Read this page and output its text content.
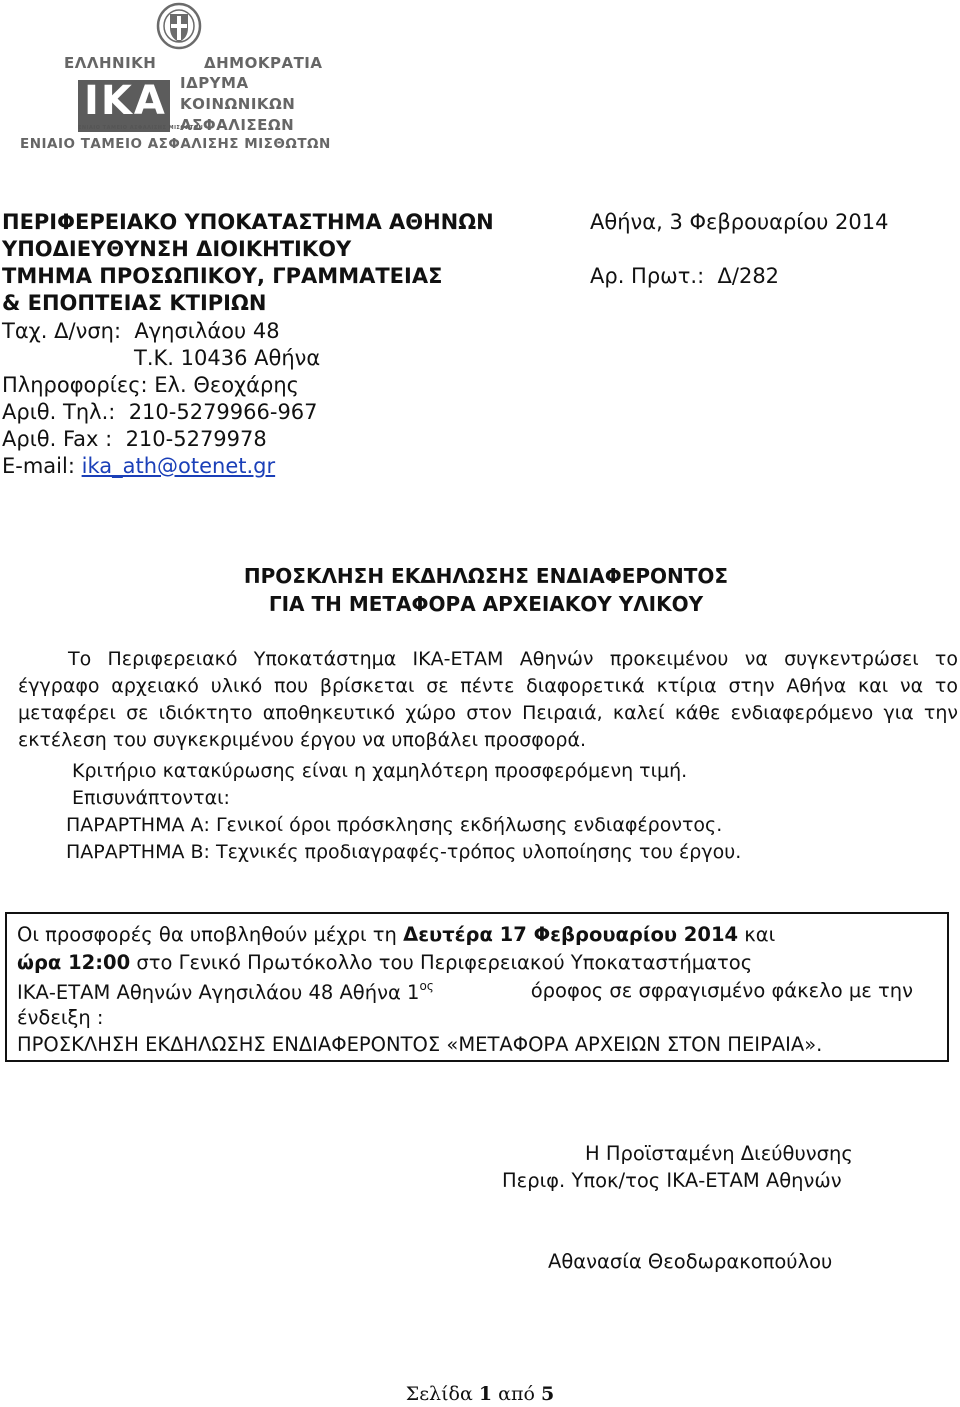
ΕΛΛΗΝΙΚΗ	ΔΗΜΟΚΡΑΤΙΑ
ΙΚΑ
ΕΝΙΑΙΟ ΤΑΜΕΙΟ ΑΣΦΑΛΙΣΗΣ ΜΙΣΘΩΤΩΝ
ΙΔΡΥΜΑ
ΚΟΙΝΩΝΙΚΩΝ
ΑΣΦΑΛΙΣΕΩΝ
ΕΝΙΑΙΟ ΤΑΜΕΙΟ ΑΣΦΑΛΙΣΗΣ ΜΙΣΘΩΤΩΝ
ΠΕΡΙΦΕΡΕΙΑΚΟ ΥΠΟΚΑΤΑΣΤΗΜΑ ΑΘΗΝΩΝ
ΥΠΟΔΙΕΥΘΥΝΣΗ ΔΙΟΙΚΗΤΙΚΟΥ
ΤΜΗΜΑ ΠΡΟΣΩΠΙΚΟΥ, ΓΡΑΜΜΑΤΕΙΑΣ
& ΕΠΟΠΤΕΙΑΣ ΚΤΙΡΙΩΝ
Ταχ. Δ/νση: Αγησιλάου 48
Τ.Κ. 10436 Αθήνα
Πληροφορίες: Ελ. Θεοχάρης
Αριθ. Τηλ.: 210-5279966-967
Αριθ. Fax : 210-5279978
E-mail: ika_ath@otenet.gr
Αθήνα, 3 Φεβρουαρίου 2014
Αρ. Πρωτ.: Δ/282
ΠΡΟΣΚΛΗΣΗ ΕΚΔΗΛΩΣΗΣ ΕΝΔΙΑΦΕΡΟΝΤΟΣ
ΓΙΑ ΤΗ ΜΕΤΑΦΟΡΑ ΑΡΧΕΙΑΚΟΥ ΥΛΙΚΟΥ
Το Περιφερειακό Υποκατάστημα ΙΚΑ-ΕΤΑΜ Αθηνών προκειμένου να συγκεντρώσει το
έγγραφο αρχειακό υλικό που βρίσκεται σε πέντε διαφορετικά κτίρια στην Αθήνα και να το
μεταφέρει σε ιδιόκτητο αποθηκευτικό χώρο στον Πειραιά, καλεί κάθε ενδιαφερόμενο για την
εκτέλεση του συγκεκριμένου έργου να υποβάλει προσφορά.
Κριτήριο κατακύρωσης είναι η χαμηλότερη προσφερόμενη τιμή.
Επισυνάπτονται:
ΠΑΡΑΡΤΗΜΑ Α: Γενικοί όροι πρόσκλησης εκδήλωσης ενδιαφέροντος.
ΠΑΡΑΡΤΗΜΑ Β: Τεχνικές προδιαγραφές-τρόπος υλοποίησης του έργου.
Οι προσφορές θα υποβληθούν μέχρι τη Δευτέρα 17 Φεβρουαρίου 2014 και
ώρα 12:00 στο Γενικό Πρωτόκολλο του Περιφερειακού Υποκαταστήματος
ΙΚΑ-ΕΤΑΜ Αθηνών Αγησιλάου 48 Αθήνα $1^{o\varsigma}$	όροφος σε σφραγισμένο φάκελο με την
ένδειξη :
ΠΡΟΣΚΛΗΣΗ ΕΚΔΗΛΩΣΗΣ ΕΝΔΙΑΦΕΡΟΝΤΟΣ «ΜΕΤΑΦΟΡΑ ΑΡΧΕΙΩΝ ΣΤΟΝ ΠΕΙΡΑΙΑ».
Η Προϊσταμένη Διεύθυνσης
Περιφ. Υποκ/τος ΙΚΑ-ΕΤΑΜ Αθηνών
Αθανασία Θεοδωρακοπούλου
Σελίδα 1 από 5
